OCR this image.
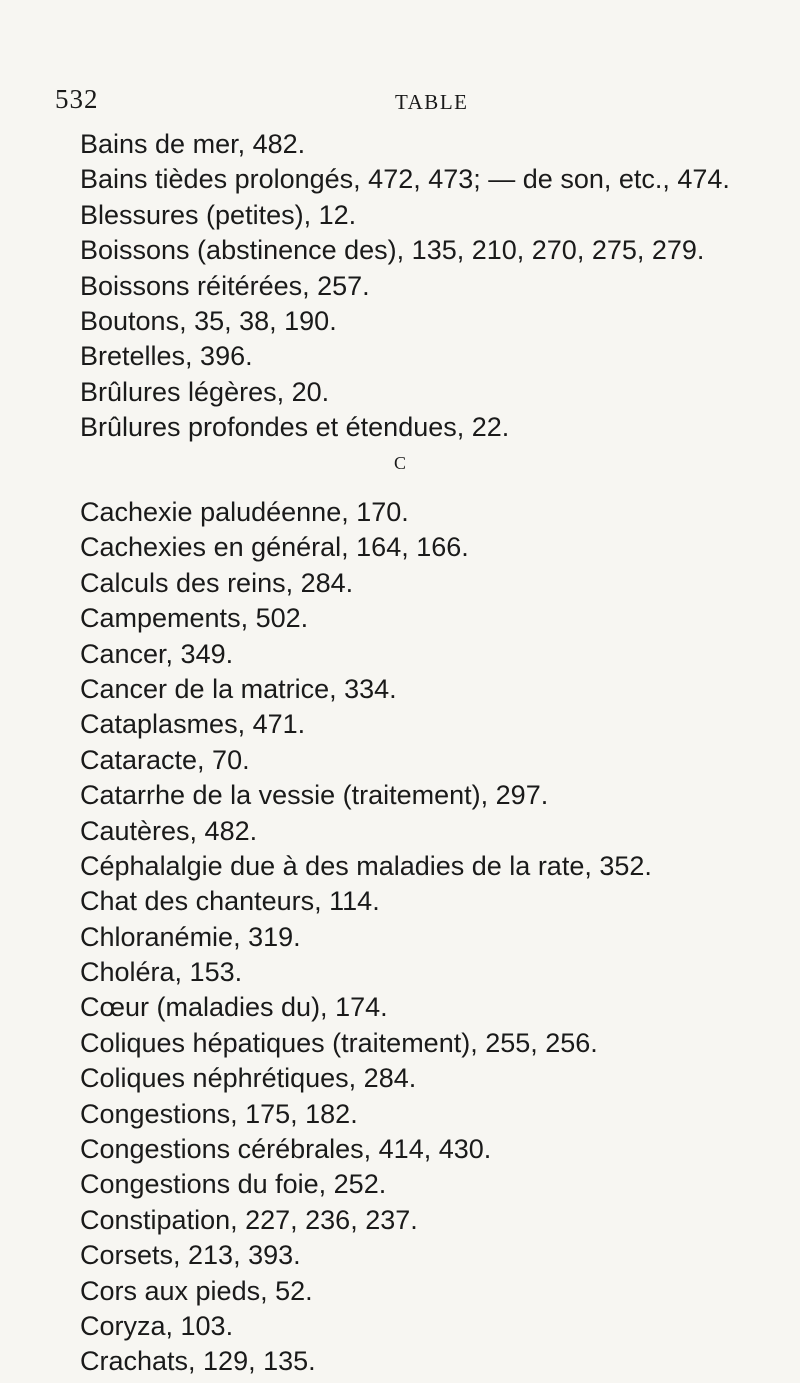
532	TABLE
Bains de mer, 482.
Bains tièdes prolongés, 472, 473; — de son, etc., 474.
Blessures (petites), 12.
Boissons (abstinence des), 135, 210, 270, 275, 279.
Boissons réitérées, 257.
Boutons, 35, 38, 190.
Bretelles, 396.
Brûlures légères, 20.
Brûlures profondes et étendues, 22.
C
Cachexie paludéenne, 170.
Cachexies en général, 164, 166.
Calculs des reins, 284.
Campements, 502.
Cancer, 349.
Cancer de la matrice, 334.
Cataplasmes, 471.
Cataracte, 70.
Catarrhe de la vessie (traitement), 297.
Cautères, 482.
Céphalalgie due à des maladies de la rate, 352.
Chat des chanteurs, 114.
Chloranémie, 319.
Choléra, 153.
Cœur (maladies du), 174.
Coliques hépatiques (traitement), 255, 256.
Coliques néphrétiques, 284.
Congestions, 175, 182.
Congestions cérébrales, 414, 430.
Congestions du foie, 252.
Constipation, 227, 236, 237.
Corsets, 213, 393.
Cors aux pieds, 52.
Coryza, 103.
Crachats, 129, 135.
